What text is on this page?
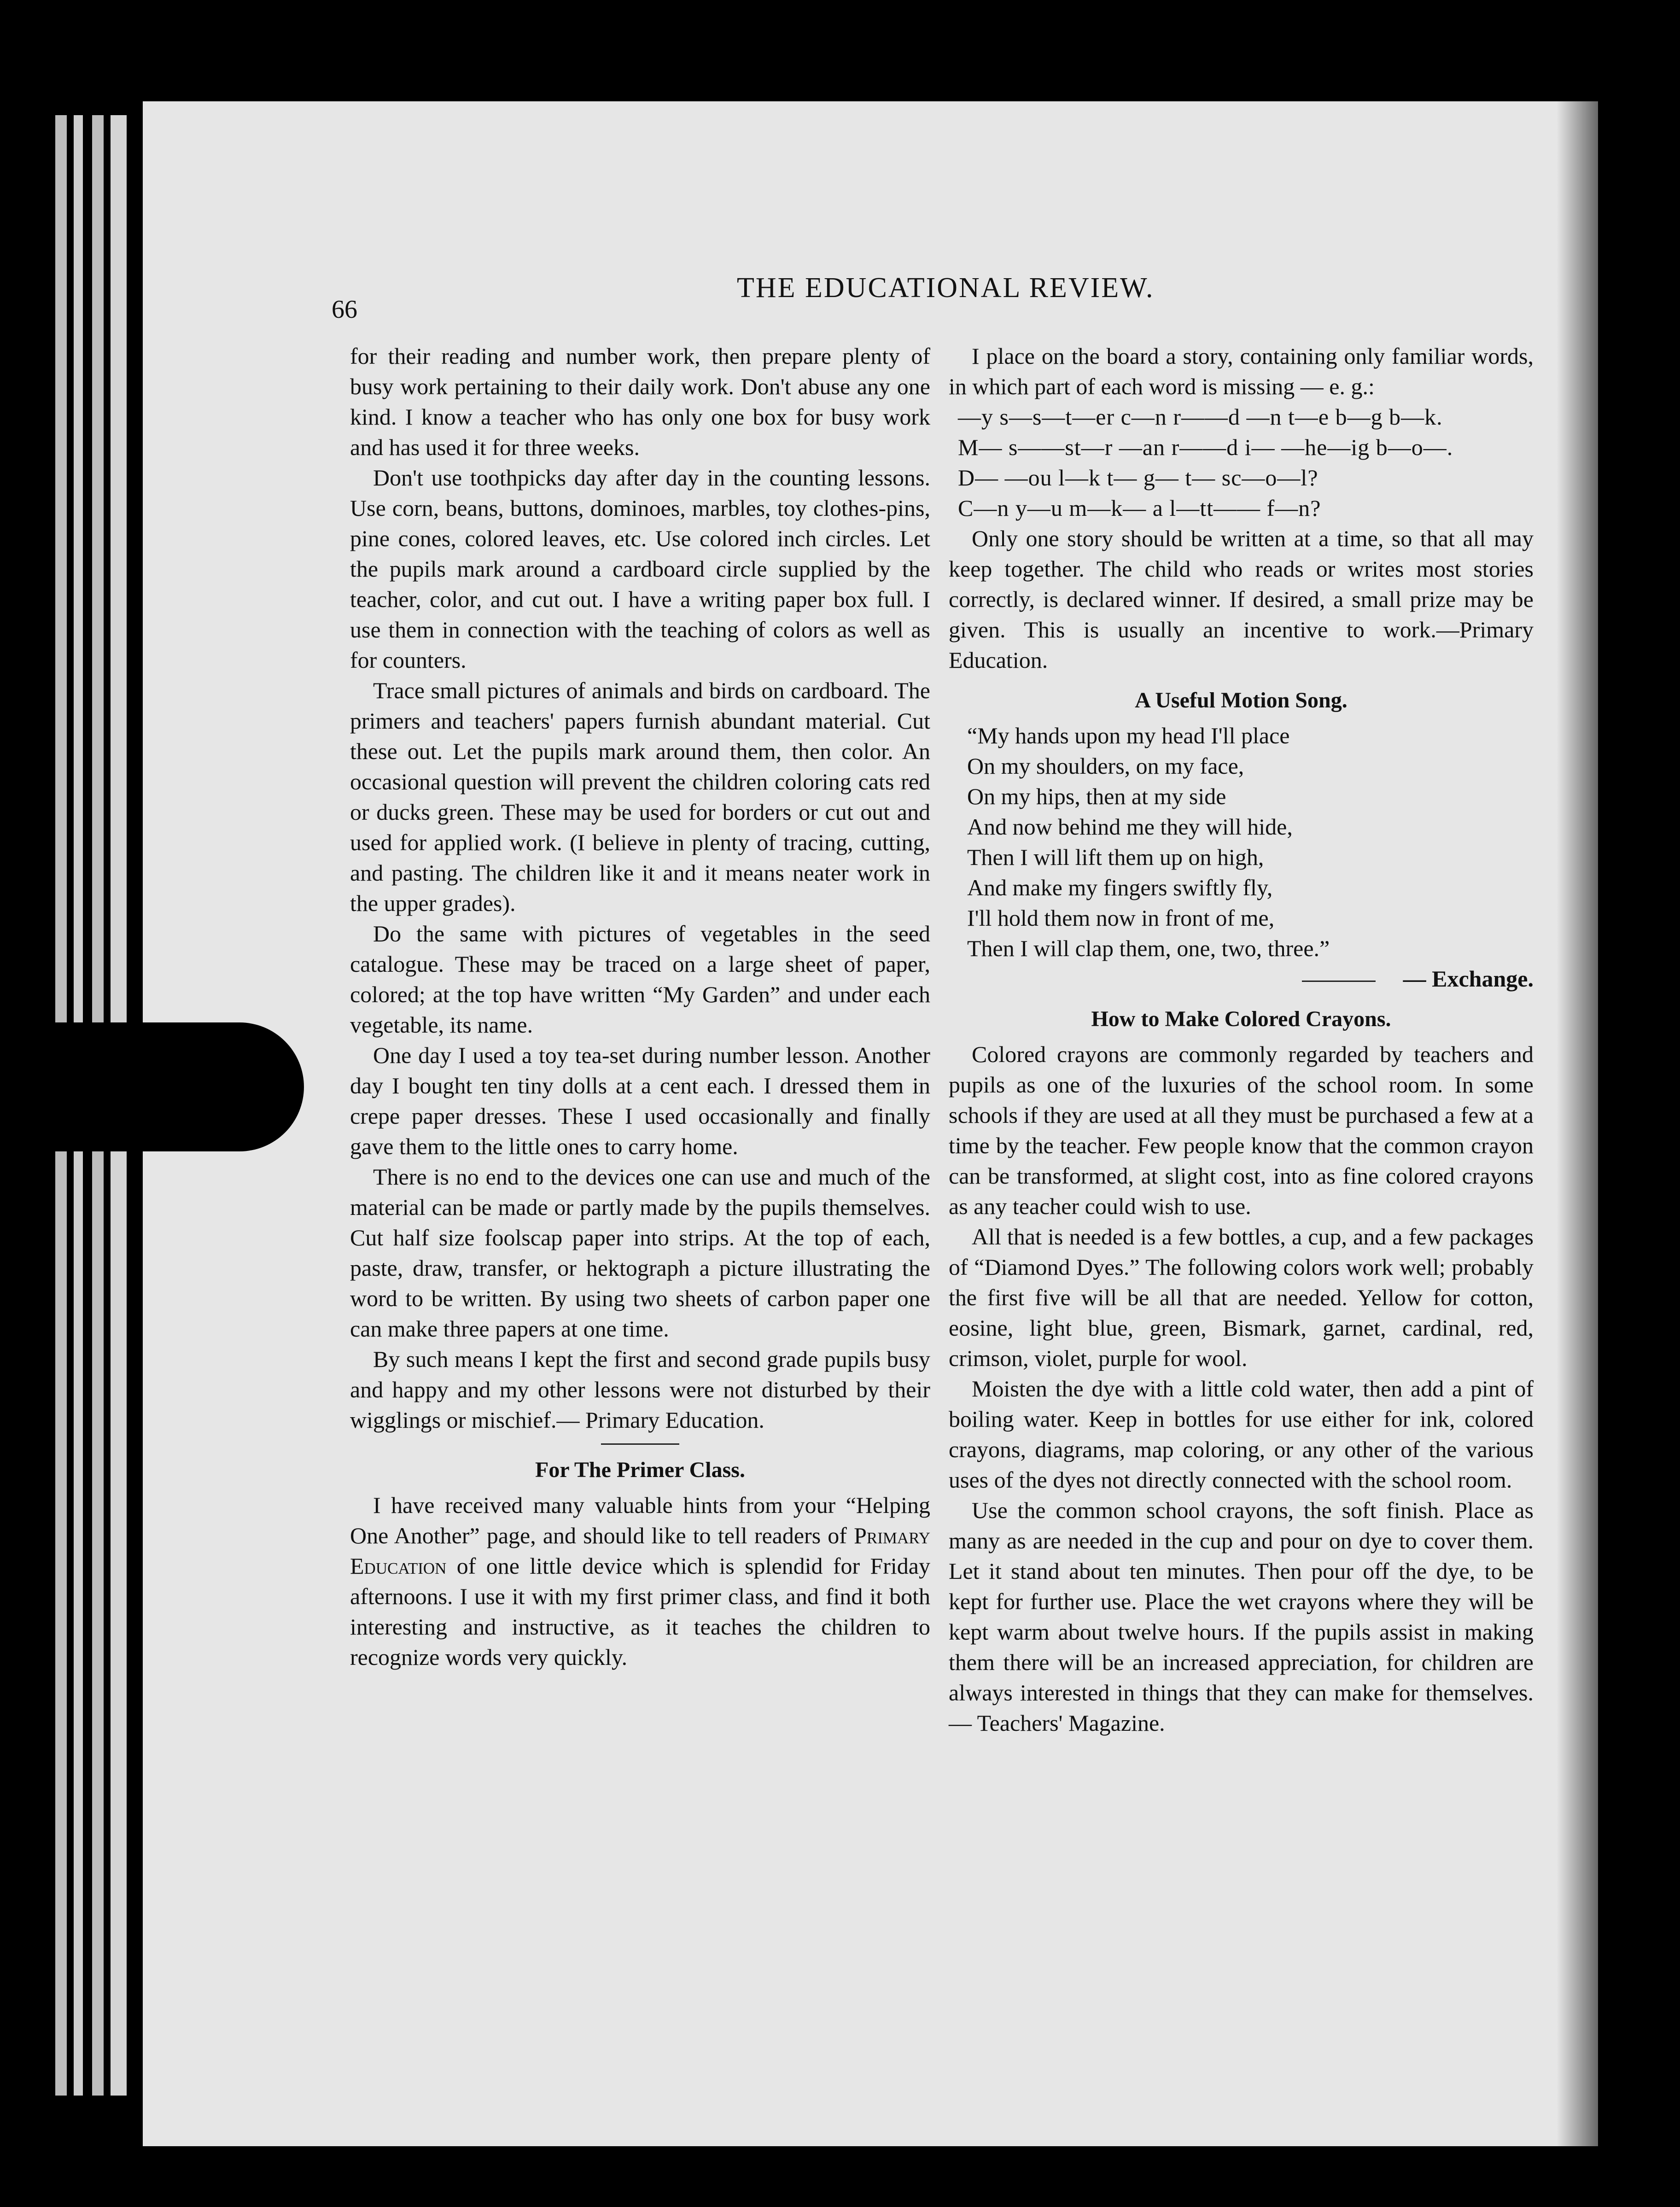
66
THE EDUCATIONAL REVIEW.

for their reading and number work, then prepare plenty of busy work pertaining to their daily work. Don't abuse any one kind. I know a teacher who has only one box for busy work and has used it for three weeks.

Don't use toothpicks day after day in the counting lessons. Use corn, beans, buttons, dominoes, marbles, toy clothes-pins, pine cones, colored leaves, etc. Use colored inch circles. Let the pupils mark around a cardboard circle supplied by the teacher, color, and cut out. I have a writing paper box full. I use them in connection with the teaching of colors as well as for counters.

Trace small pictures of animals and birds on cardboard. The primers and teachers' papers furnish abundant material. Cut these out. Let the pupils mark around them, then color. An occasional question will prevent the children coloring cats red or ducks green. These may be used for borders or cut out and used for applied work. (I believe in plenty of tracing, cutting, and pasting. The children like it and it means neater work in the upper grades).

Do the same with pictures of vegetables in the seed catalogue. These may be traced on a large sheet of paper, colored; at the top have written “My Garden” and under each vegetable, its name.

One day I used a toy tea-set during number lesson. Another day I bought ten tiny dolls at a cent each. I dressed them in crepe paper dresses. These I used occasionally and finally gave them to the little ones to carry home.

There is no end to the devices one can use and much of the material can be made or partly made by the pupils themselves. Cut half size foolscap paper into strips. At the top of each, paste, draw, transfer, or hektograph a picture illustrating the word to be written. By using two sheets of carbon paper one can make three papers at one time.

By such means I kept the first and second grade pupils busy and happy and my other lessons were not disturbed by their wigglings or mischief.— Primary Education.

For The Primer Class.

I have received many valuable hints from your “Helping One Another” page, and should like to tell readers of Primary Education of one little device which is splendid for Friday afternoons. I use it with my first primer class, and find it both interesting and instructive, as it teaches the children to recognize words very quickly.

I place on the board a story, containing only familiar words, in which part of each word is missing — e. g.:

—y s—s—t—er c—n r——d —n t—e b—g b—k.
M— s——st—r —an r——d i— —he—ig b—o—.
D— —ou l—k t— g— t— sc—o—l?
C—n y—u m—k— a l—tt—— f—n?

Only one story should be written at a time, so that all may keep together. The child who reads or writes most stories correctly, is declared winner. If desired, a small prize may be given. This is usually an incentive to work.—Primary Education.

A Useful Motion Song.
“My hands upon my head I'll place
On my shoulders, on my face,
On my hips, then at my side
And now behind me they will hide,
Then I will lift them up on high,
And make my fingers swiftly fly,
I'll hold them now in front of me,
Then I will clap them, one, two, three.”
— Exchange.
How to Make Colored Crayons.

Colored crayons are commonly regarded by teachers and pupils as one of the luxuries of the school room. In some schools if they are used at all they must be purchased a few at a time by the teacher. Few people know that the common crayon can be transformed, at slight cost, into as fine colored crayons as any teacher could wish to use.

All that is needed is a few bottles, a cup, and a few packages of “Diamond Dyes.” The following colors work well; probably the first five will be all that are needed. Yellow for cotton, eosine, light blue, green, Bismark, garnet, cardinal, red, crimson, violet, purple for wool.

Moisten the dye with a little cold water, then add a pint of boiling water. Keep in bottles for use either for ink, colored crayons, diagrams, map coloring, or any other of the various uses of the dyes not directly connected with the school room.

Use the common school crayons, the soft finish. Place as many as are needed in the cup and pour on dye to cover them. Let it stand about ten minutes. Then pour off the dye, to be kept for further use. Place the wet crayons where they will be kept warm about twelve hours. If the pupils assist in making them there will be an increased appreciation, for children are always interested in things that they can make for themselves.— Teachers' Magazine.
